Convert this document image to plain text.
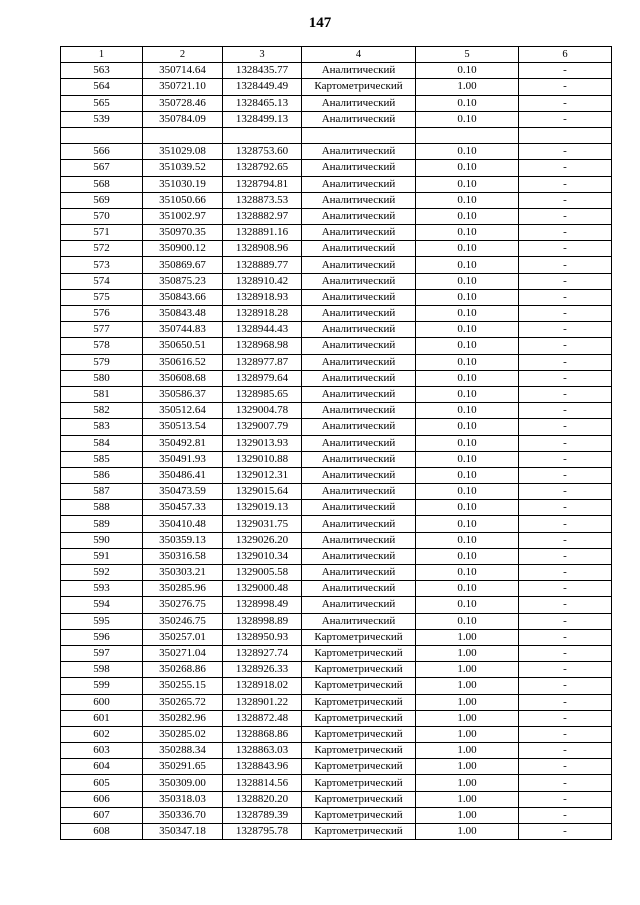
147
1	2	3	4	5	6
563	350714.64	1328435.77	Аналитический	0.10	-
564	350721.10	1328449.49	Картометрический	1.00	-
565	350728.46	1328465.13	Аналитический	0.10	-
539	350784.09	1328499.13	Аналитический	0.10	-

566	351029.08	1328753.60	Аналитический	0.10	-
567	351039.52	1328792.65	Аналитический	0.10	-
568	351030.19	1328794.81	Аналитический	0.10	-
569	351050.66	1328873.53	Аналитический	0.10	-
570	351002.97	1328882.97	Аналитический	0.10	-
571	350970.35	1328891.16	Аналитический	0.10	-
572	350900.12	1328908.96	Аналитический	0.10	-
573	350869.67	1328889.77	Аналитический	0.10	-
574	350875.23	1328910.42	Аналитический	0.10	-
575	350843.66	1328918.93	Аналитический	0.10	-
576	350843.48	1328918.28	Аналитический	0.10	-
577	350744.83	1328944.43	Аналитический	0.10	-
578	350650.51	1328968.98	Аналитический	0.10	-
579	350616.52	1328977.87	Аналитический	0.10	-
580	350608.68	1328979.64	Аналитический	0.10	-
581	350586.37	1328985.65	Аналитический	0.10	-
582	350512.64	1329004.78	Аналитический	0.10	-
583	350513.54	1329007.79	Аналитический	0.10	-
584	350492.81	1329013.93	Аналитический	0.10	-
585	350491.93	1329010.88	Аналитический	0.10	-
586	350486.41	1329012.31	Аналитический	0.10	-
587	350473.59	1329015.64	Аналитический	0.10	-
588	350457.33	1329019.13	Аналитический	0.10	-
589	350410.48	1329031.75	Аналитический	0.10	-
590	350359.13	1329026.20	Аналитический	0.10	-
591	350316.58	1329010.34	Аналитический	0.10	-
592	350303.21	1329005.58	Аналитический	0.10	-
593	350285.96	1329000.48	Аналитический	0.10	-
594	350276.75	1328998.49	Аналитический	0.10	-
595	350246.75	1328998.89	Аналитический	0.10	-
596	350257.01	1328950.93	Картометрический	1.00	-
597	350271.04	1328927.74	Картометрический	1.00	-
598	350268.86	1328926.33	Картометрический	1.00	-
599	350255.15	1328918.02	Картометрический	1.00	-
600	350265.72	1328901.22	Картометрический	1.00	-
601	350282.96	1328872.48	Картометрический	1.00	-
602	350285.02	1328868.86	Картометрический	1.00	-
603	350288.34	1328863.03	Картометрический	1.00	-
604	350291.65	1328843.96	Картометрический	1.00	-
605	350309.00	1328814.56	Картометрический	1.00	-
606	350318.03	1328820.20	Картометрический	1.00	-
607	350336.70	1328789.39	Картометрический	1.00	-
608	350347.18	1328795.78	Картометрический	1.00	-
